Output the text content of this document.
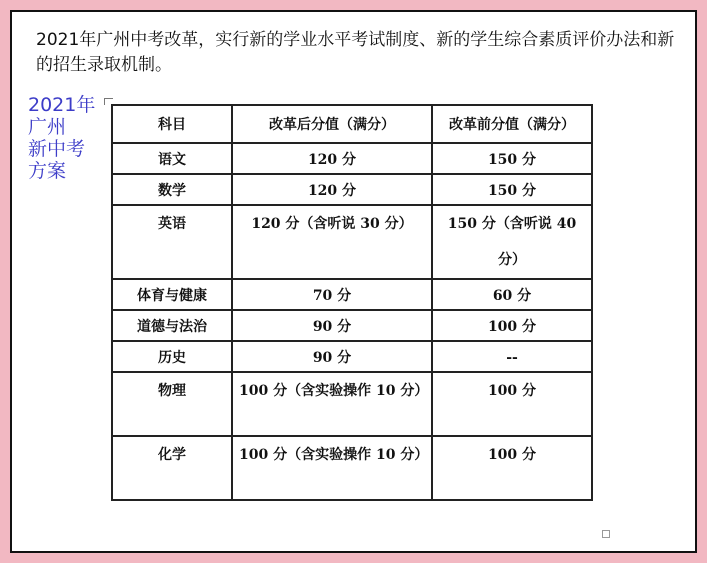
2021年广州中考改革，实行新的学业水平考试制度、新的学生综合素质评价办法和新的招生录取机制。

2021年
广州
新中考
方案
科目	改革后分值（满分）	改革前分值（满分）
语文	120 分	150 分
数学	120 分	150 分
英语	120 分（含听说 30 分）	150 分（含听说 40 分）
体育与健康	70 分	60 分
道德与法治	90 分	100 分
历史	90 分	--
物理	100 分（含实验操作 10 分）	100 分
化学	100 分（含实验操作 10 分）	100 分
